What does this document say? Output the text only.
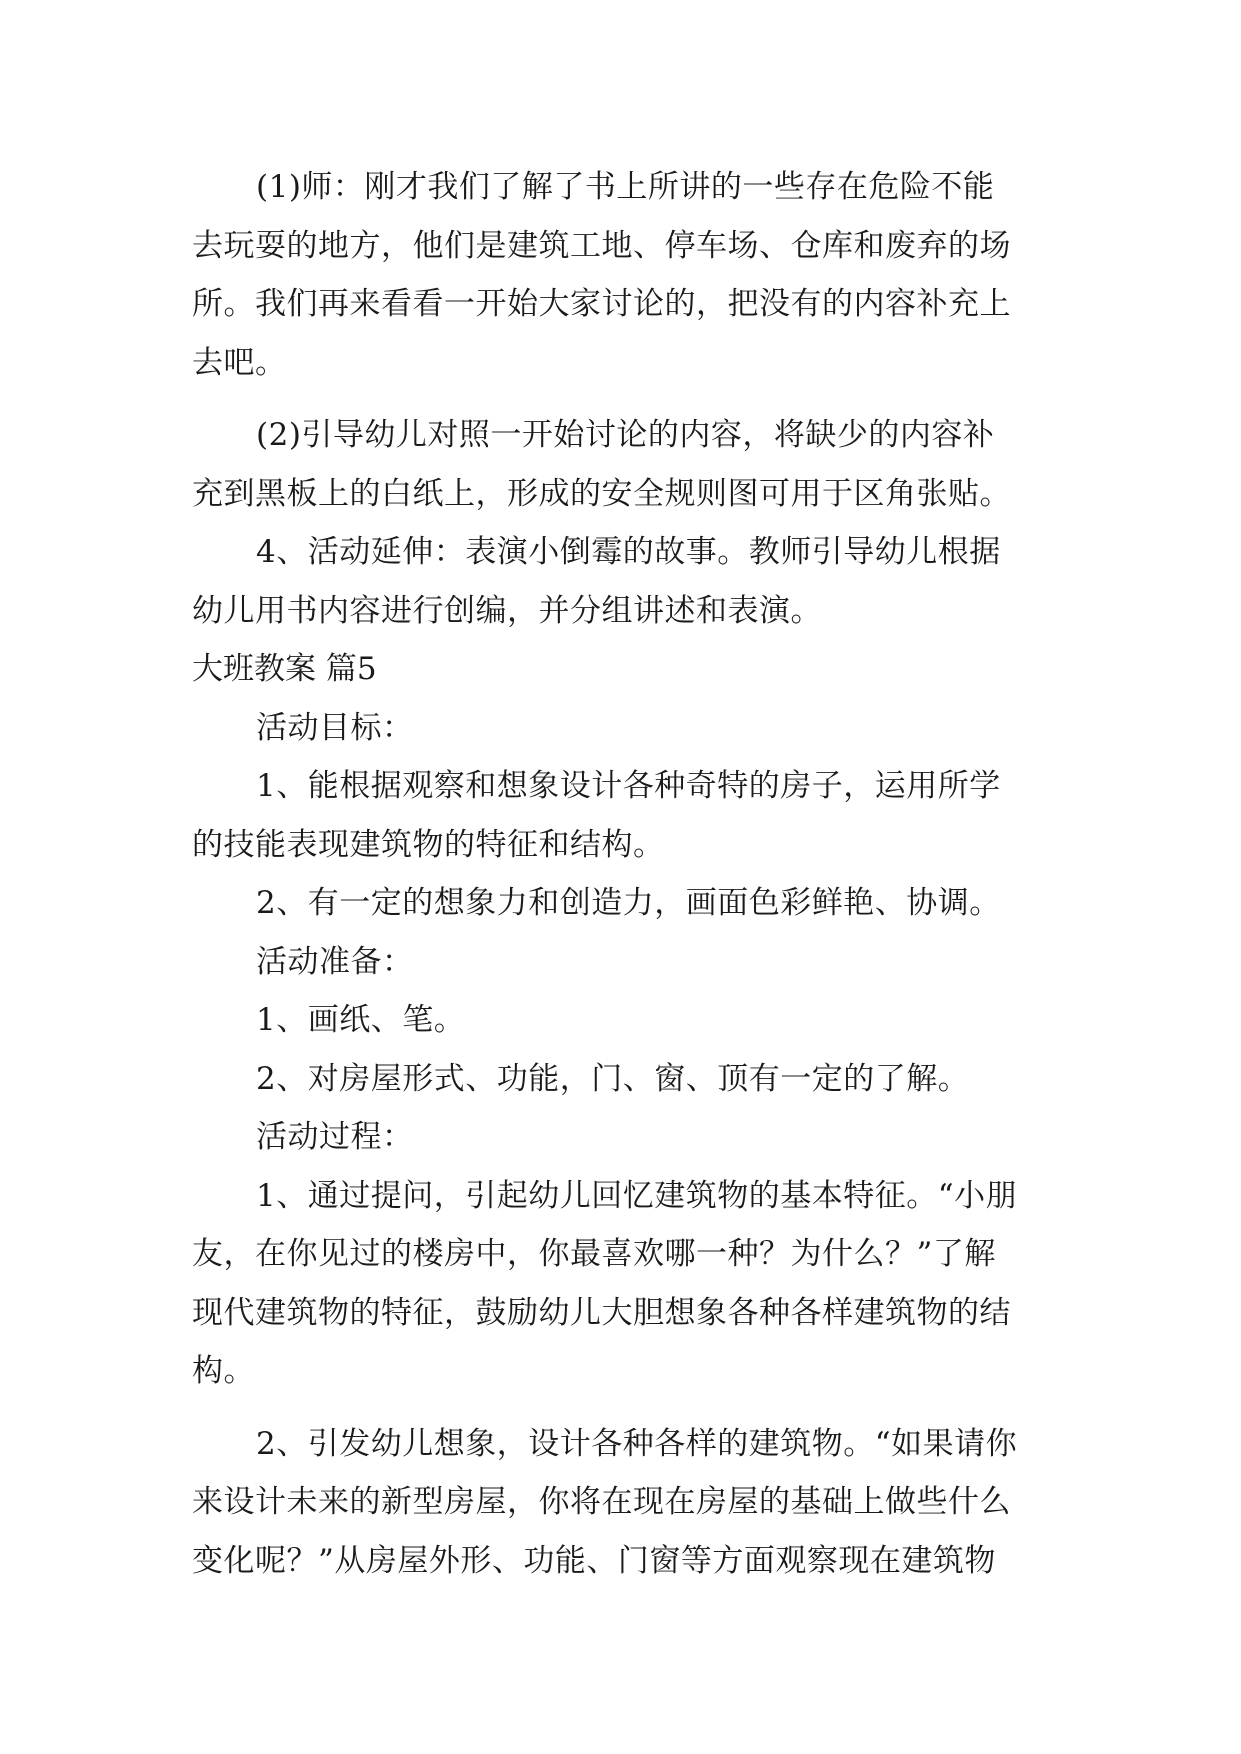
(1)师：刚才我们了解了书上所讲的一些存在危险不能

去玩耍的地方，他们是建筑工地、停车场、仓库和废弃的场

所。我们再来看看一开始大家讨论的，把没有的内容补充上

去吧。

(2)引导幼儿对照一开始讨论的内容，将缺少的内容补

充到黑板上的白纸上，形成的安全规则图可用于区角张贴。

4、活动延伸：表演小倒霉的故事。教师引导幼儿根据

幼儿用书内容进行创编，并分组讲述和表演。

大班教案 篇5

活动目标：

1、能根据观察和想象设计各种奇特的房子，运用所学

的技能表现建筑物的特征和结构。

2、有一定的想象力和创造力，画面色彩鲜艳、协调。

活动准备：

1、画纸、笔。

2、对房屋形式、功能，门、窗、顶有一定的了解。

活动过程：

1、通过提问，引起幼儿回忆建筑物的基本特征。“小朋

友，在你见过的楼房中，你最喜欢哪一种？为什么？”了解

现代建筑物的特征，鼓励幼儿大胆想象各种各样建筑物的结

构。

2、引发幼儿想象，设计各种各样的建筑物。“如果请你

来设计未来的新型房屋，你将在现在房屋的基础上做些什么

变化呢？”从房屋外形、功能、门窗等方面观察现在建筑物
